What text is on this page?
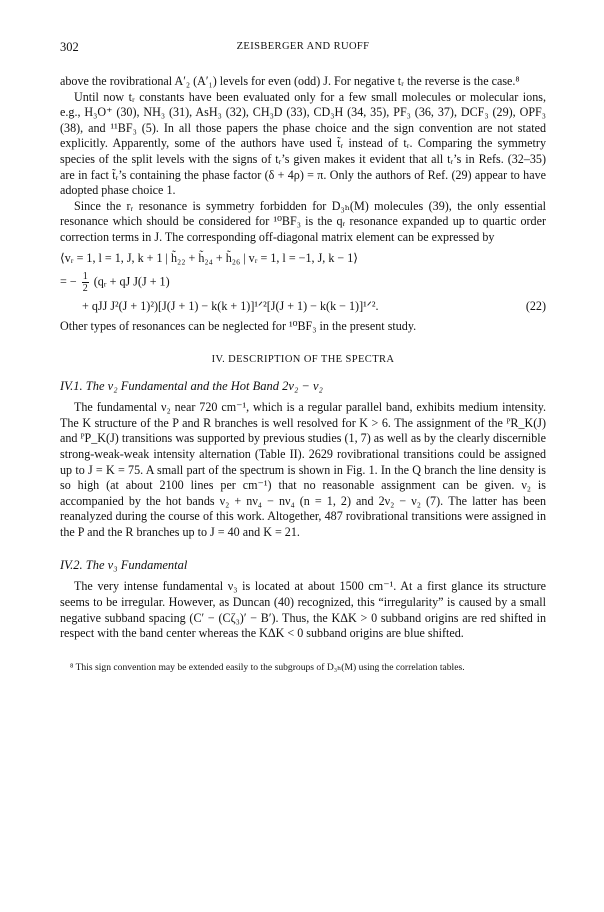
302	ZEISBERGER AND RUOFF

above the rovibrational A′₂ (A′₁) levels for even (odd) J. For negative tᵣ the reverse is the case.⁸

Until now tᵣ constants have been evaluated only for a few small molecules or molecular ions, e.g., H₃O⁺ (30), NH₃ (31), AsH₃ (32), CH₃D (33), CD₃H (34, 35), PF₃ (36, 37), DCF₃ (29), OPF₃ (38), and ¹¹BF₃ (5). In all those papers the phase choice and the sign convention are not stated explicitly. Apparently, some of the authors have used t̃ᵣ instead of tᵣ. Comparing the symmetry species of the split levels with the signs of tᵣ’s given makes it evident that all tᵣ’s in Refs. (32–35) are in fact t̃ᵣ’s containing the phase factor (δ + 4ρ) = π. Only the authors of Ref. (29) appear to have adopted phase choice 1.

Since the rᵣ resonance is symmetry forbidden for D₃ₕ(M) molecules (39), the only essential resonance which should be considered for ¹⁰BF₃ is the qᵣ resonance expanded up to quartic order correction terms in J. The corresponding off-diagonal matrix element can be expressed by

⟨vᵣ = 1, l = 1, J, k + 1 | h̃₂₂ + h̃₂₄ + h̃₂₆ | vᵣ = 1, l = −1, J, k − 1⟩
= − $\frac{1}{2}$ (qᵣ + qJ J(J + 1)
+ qJJ J²(J + 1)²)[J(J + 1) − k(k + 1)]¹ᐟ²[J(J + 1) − k(k − 1)]¹ᐟ².	(22)

Other types of resonances can be neglected for ¹⁰BF₃ in the present study.

IV. DESCRIPTION OF THE SPECTRA
IV.1. The ν₂ Fundamental and the Hot Band 2ν₂ − ν₂

The fundamental ν₂ near 720 cm⁻¹, which is a regular parallel band, exhibits medium intensity. The K structure of the P and R branches is well resolved for K > 6. The assignment of the ᴾR_K(J) and ᴾP_K(J) transitions was supported by previous studies (1, 7) as well as by the clearly discernible strong-weak-weak intensity alternation (Table II). 2629 rovibrational transitions could be assigned up to J = K = 75. A small part of the spectrum is shown in Fig. 1. In the Q branch the line density is so high (at about 2100 lines per cm⁻¹) that no reasonable assignment can be given. ν₂ is accompanied by the hot bands ν₂ + nν₄ − nν₄ (n = 1, 2) and 2ν₂ − ν₂ (7). The latter has been reanalyzed during the course of this work. Altogether, 487 rovibrational transitions were assigned in the P and the R branches up to J = 40 and K = 21.

IV.2. The ν₃ Fundamental

The very intense fundamental ν₃ is located at about 1500 cm⁻¹. At a first glance its structure seems to be irregular. However, as Duncan (40) recognized, this “irregularity” is caused by a small negative subband spacing (C′ − (Cζ₃)′ − B′). Thus, the KΔK > 0 subband origins are red shifted in respect with the band center whereas the KΔK < 0 subband origins are blue shifted.

⁸ This sign convention may be extended easily to the subgroups of D₃ₕ(M) using the correlation tables.
